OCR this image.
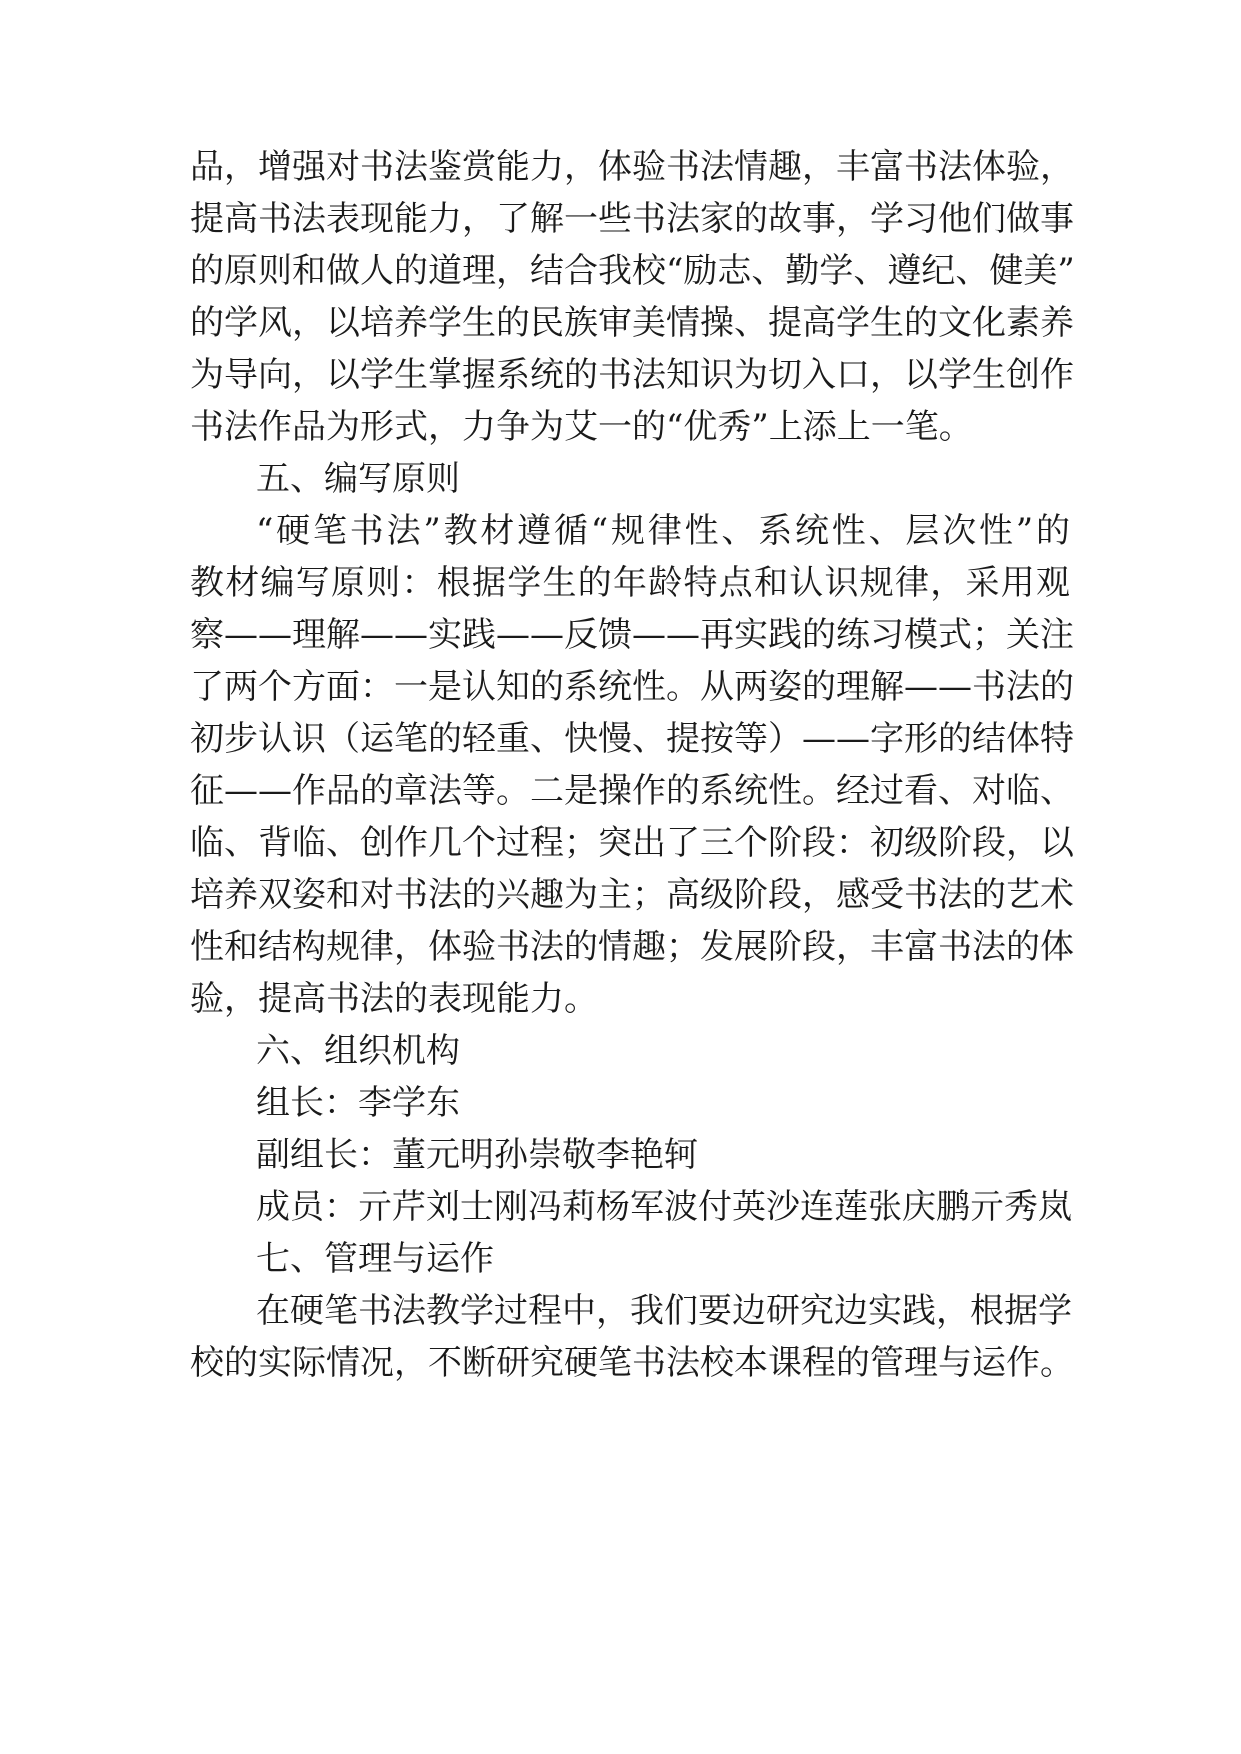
品，增强对书法鉴赏能力，体验书法情趣，丰富书法体验，
提高书法表现能力，了解一些书法家的故事，学习他们做事
的原则和做人的道理，结合我校“励志、勤学、遵纪、健美”
的学风，以培养学生的民族审美情操、提高学生的文化素养
为导向，以学生掌握系统的书法知识为切入口，以学生创作
书法作品为形式，力争为艾一的“优秀”上添上一笔。
五、编写原则
“硬笔书法”教材遵循“规律性、系统性、层次性”的
教材编写原则：根据学生的年龄特点和认识规律，采用观
察——理解——实践——反馈——再实践的练习模式；关注
了两个方面：一是认知的系统性。从两姿的理解——书法的
初步认识（运笔的轻重、快慢、提按等）——字形的结体特
征——作品的章法等。二是操作的系统性。经过看、对临、
临、背临、创作几个过程；突出了三个阶段：初级阶段，以
培养双姿和对书法的兴趣为主；高级阶段，感受书法的艺术
性和结构规律，体验书法的情趣；发展阶段，丰富书法的体
验，提高书法的表现能力。
六、组织机构
组长：李学东
副组长：董元明孙崇敬李艳轲
成员：亓芹刘士刚冯莉杨军波付英沙连莲张庆鹏亓秀岚
七、管理与运作
在硬笔书法教学过程中，我们要边研究边实践，根据学
校的实际情况，不断研究硬笔书法校本课程的管理与运作。
